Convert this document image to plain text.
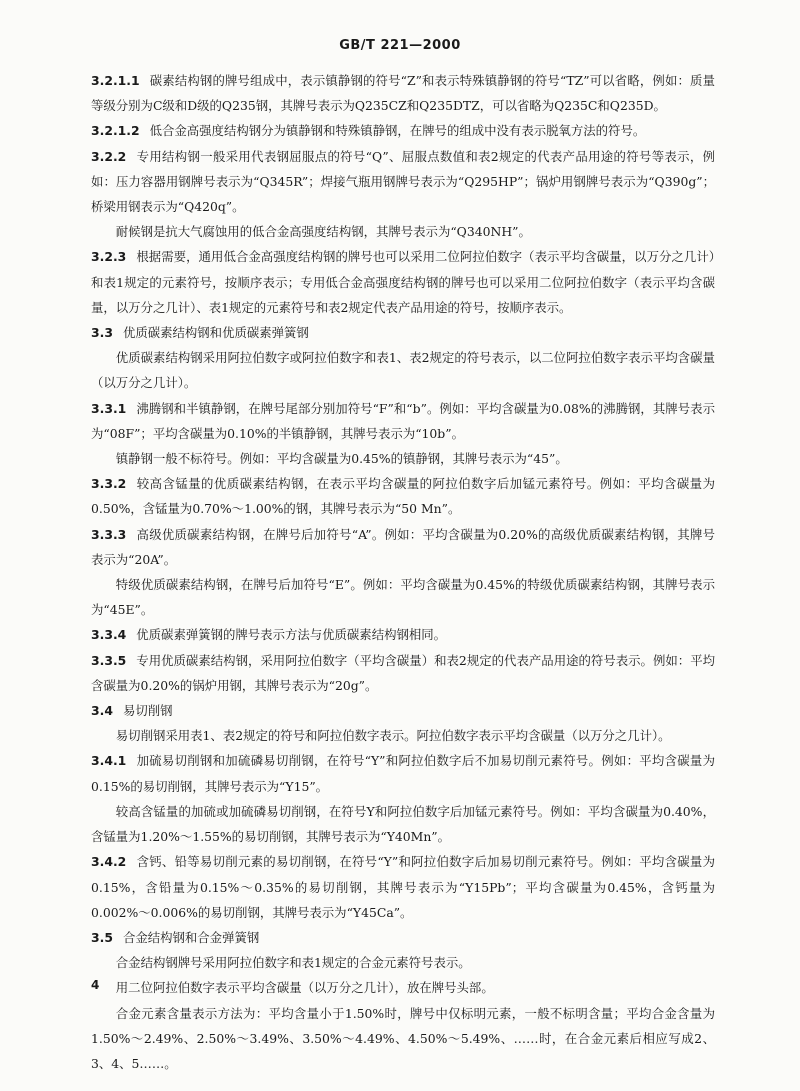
GB/T 221—2000

3.2.1.1 碳素结构钢的牌号组成中，表示镇静钢的符号“Z”和表示特殊镇静钢的符号“TZ”可以省略，例如：质量等级分别为C级和D级的Q235钢，其牌号表示为Q235CZ和Q235DTZ，可以省略为Q235C和Q235D。

3.2.1.2 低合金高强度结构钢分为镇静钢和特殊镇静钢，在牌号的组成中没有表示脱氧方法的符号。

3.2.2 专用结构钢一般采用代表钢屈服点的符号“Q”、屈服点数值和表2规定的代表产品用途的符号等表示，例如：压力容器用钢牌号表示为“Q345R”；焊接气瓶用钢牌号表示为“Q295HP”；锅炉用钢牌号表示为“Q390g”；桥梁用钢表示为“Q420q”。

耐候钢是抗大气腐蚀用的低合金高强度结构钢，其牌号表示为“Q340NH”。

3.2.3 根据需要，通用低合金高强度结构钢的牌号也可以采用二位阿拉伯数字（表示平均含碳量，以万分之几计）和表1规定的元素符号，按顺序表示；专用低合金高强度结构钢的牌号也可以采用二位阿拉伯数字（表示平均含碳量，以万分之几计）、表1规定的元素符号和表2规定代表产品用途的符号，按顺序表示。

3.3 优质碳素结构钢和优质碳素弹簧钢

优质碳素结构钢采用阿拉伯数字或阿拉伯数字和表1、表2规定的符号表示，以二位阿拉伯数字表示平均含碳量（以万分之几计）。

3.3.1 沸腾钢和半镇静钢，在牌号尾部分别加符号“F”和“b”。例如：平均含碳量为0.08%的沸腾钢，其牌号表示为“08F”；平均含碳量为0.10%的半镇静钢，其牌号表示为“10b”。

镇静钢一般不标符号。例如：平均含碳量为0.45%的镇静钢，其牌号表示为“45”。

3.3.2 较高含锰量的优质碳素结构钢，在表示平均含碳量的阿拉伯数字后加锰元素符号。例如：平均含碳量为0.50%，含锰量为0.70%～1.00%的钢，其牌号表示为“50 Mn”。

3.3.3 高级优质碳素结构钢，在牌号后加符号“A”。例如：平均含碳量为0.20%的高级优质碳素结构钢，其牌号表示为“20A”。

特级优质碳素结构钢，在牌号后加符号“E”。例如：平均含碳量为0.45%的特级优质碳素结构钢，其牌号表示为“45E”。

3.3.4 优质碳素弹簧钢的牌号表示方法与优质碳素结构钢相同。

3.3.5 专用优质碳素结构钢，采用阿拉伯数字（平均含碳量）和表2规定的代表产品用途的符号表示。例如：平均含碳量为0.20%的锅炉用钢，其牌号表示为“20g”。

3.4 易切削钢

易切削钢采用表1、表2规定的符号和阿拉伯数字表示。阿拉伯数字表示平均含碳量（以万分之几计）。

3.4.1 加硫易切削钢和加硫磷易切削钢，在符号“Y”和阿拉伯数字后不加易切削元素符号。例如：平均含碳量为0.15%的易切削钢，其牌号表示为“Y15”。

较高含锰量的加硫或加硫磷易切削钢，在符号Y和阿拉伯数字后加锰元素符号。例如：平均含碳量为0.40%，含锰量为1.20%～1.55%的易切削钢，其牌号表示为“Y40Mn”。

3.4.2 含钙、铅等易切削元素的易切削钢，在符号“Y”和阿拉伯数字后加易切削元素符号。例如：平均含碳量为0.15%，含铅量为0.15%～0.35%的易切削钢，其牌号表示为“Y15Pb”；平均含碳量为0.45%，含钙量为0.002%～0.006%的易切削钢，其牌号表示为“Y45Ca”。

3.5 合金结构钢和合金弹簧钢

合金结构钢牌号采用阿拉伯数字和表1规定的合金元素符号表示。

用二位阿拉伯数字表示平均含碳量（以万分之几计），放在牌号头部。

合金元素含量表示方法为：平均含量小于1.50%时，牌号中仅标明元素，一般不标明含量；平均合金含量为1.50%～2.49%、2.50%～3.49%、3.50%～4.49%、4.50%～5.49%、……时，在合金元素后相应写成2、3、4、5……。

4
